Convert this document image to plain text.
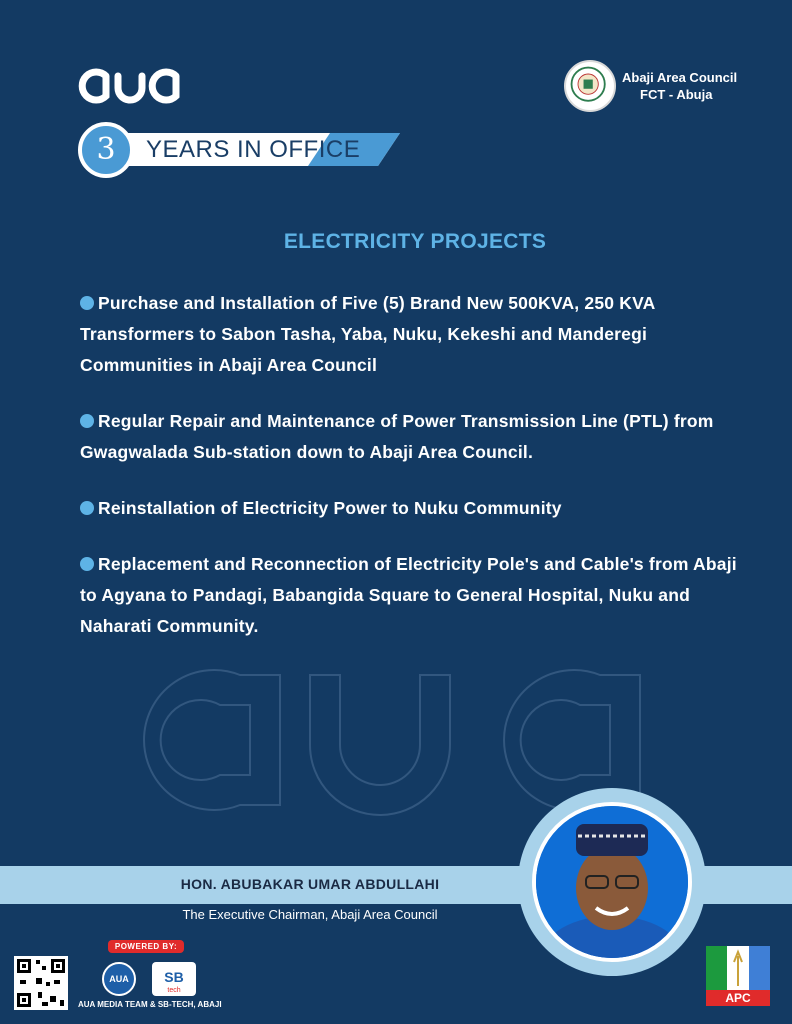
3 YEARS IN OFFICE
Abaji Area Council
FCT - Abuja
ELECTRICITY PROJECTS
Purchase and Installation of Five (5) Brand New 500KVA, 250 KVA Transformers to Sabon Tasha, Yaba, Nuku, Kekeshi and Manderegi Communities in Abaji Area Council
Regular Repair and Maintenance of Power Transmission Line (PTL) from Gwagwalada Sub-station down to Abaji Area Council.
Reinstallation of Electricity Power to Nuku Community
Replacement and Reconnection of Electricity Pole's and Cable's from Abaji to Agyana to Pandagi, Babangida Square to General Hospital, Nuku and Naharati Community.
HON. ABUBAKAR UMAR ABDULLAHI
The Executive Chairman, Abaji Area Council
POWERED BY:
AUA	SB
tech
AUA MEDIA TEAM & SB-TECH, ABAJI	APC
